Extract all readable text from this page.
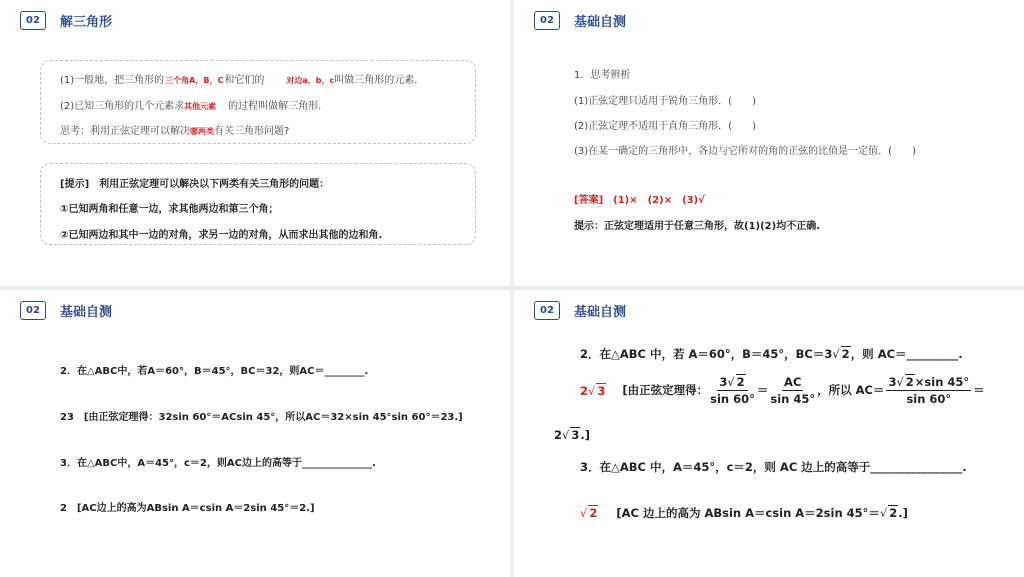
02	解三角形
(1)一般地，把三角形的三个角A，B，C和它们的	对边a，b，c叫做三角形的元素.
(2)已知三角形的几个元素求其他元素 的过程叫做解三角形.
思考：利用正弦定理可以解决哪两类有关三角形问题?
[提示]　利用正弦定理可以解决以下两类有关三角形的问题：
①已知两角和任意一边，求其他两边和第三个角；
②已知两边和其中一边的对角，求另一边的对角，从而求出其他的边和角.
02	基础自测
1．思考辨析
(1)正弦定理只适用于锐角三角形．(　　)
(2)正弦定理不适用于直角三角形．(　　)
(3)在某一确定的三角形中，各边与它所对的角的正弦的比值是一定值．(　　)
[答案]　 (1)×　(2)×　(3)√
提示：正弦定理适用于任意三角形，故(1)(2)均不正确.
02	基础自测
2．在△ABC中，若A＝60°，B＝45°，BC＝32，则AC＝________.
23　[由正弦定理得：32sin 60°＝ACsin 45°，所以AC＝32×sin 45°sin 60°＝23.]
3．在△ABC中，A＝45°，c＝2，则AC边上的高等于______________.
2　[AC边上的高为ABsin A＝csin A＝2sin 45°＝2.]
02	基础自测
2．在△ABC 中，若 A＝60°，B＝45°，BC＝3√ 2，则 AC＝_________.
2√ 3 [由正弦定理得： $\frac{3√ 2}{\sin 60^\circ} = \frac{AC}{\sin 45^\circ}$ ，所以 $AC= \frac{3√ 2\times\sin 45^\circ}{\sin 60^\circ}$ ＝
2√ 3.]
3．在△ABC 中，A＝45°，c＝2，则 AC 边上的高等于________________.
√ 2 [AC 边上的高为 ABsin A＝csin A＝2sin 45°＝√ 2.]
